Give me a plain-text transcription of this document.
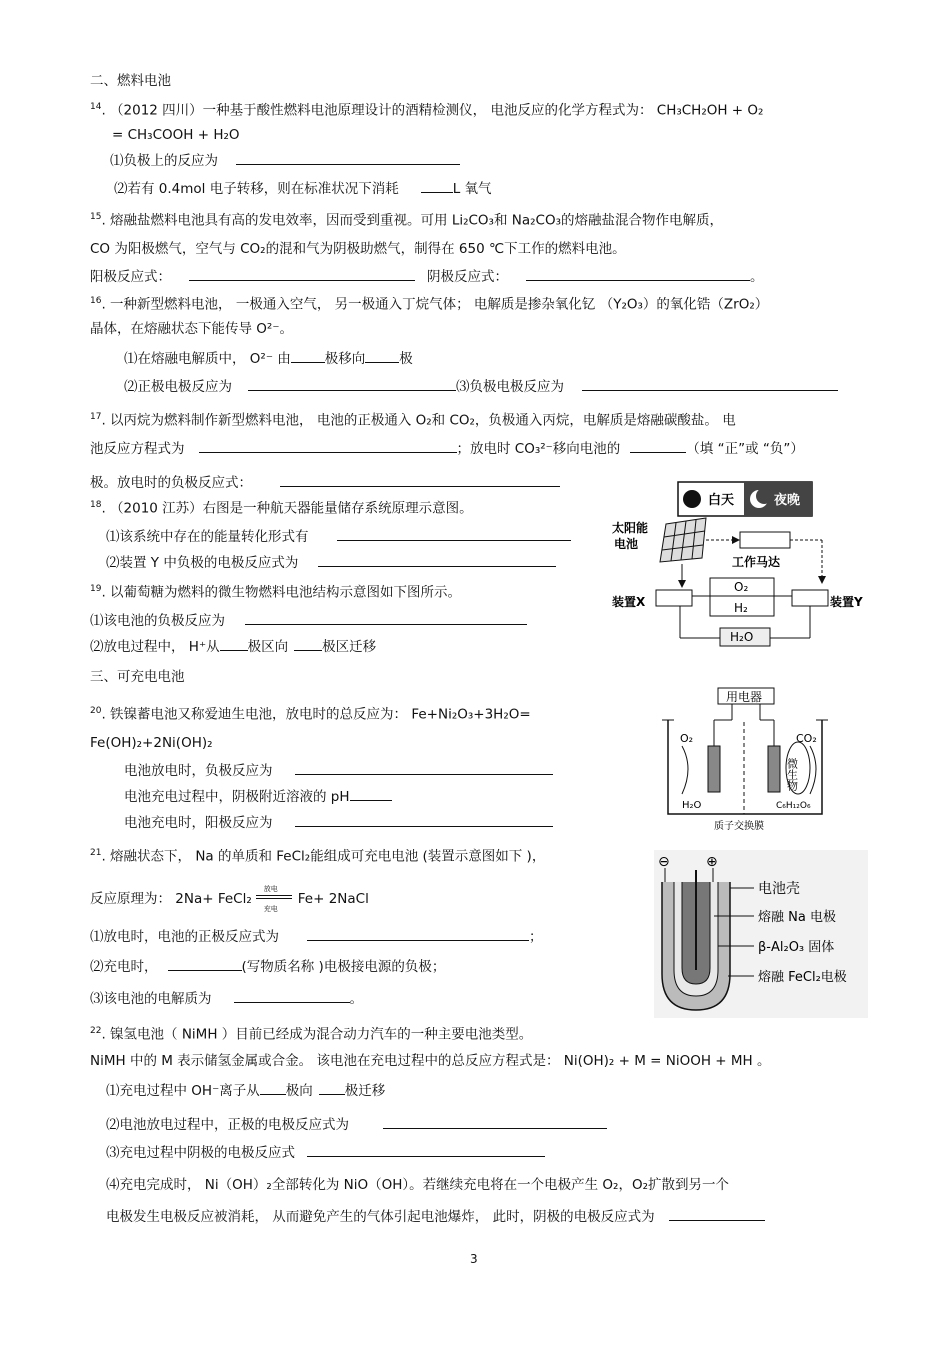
二、燃料电池
$^{14}$. （2012 四川）一种基于酸性燃料电池原理设计的酒精检测仪， 电池反应的化学方程式为： CH₃CH₂OH + O₂
= CH₃COOH + H₂O
⑴负极上的反应为
⑵若有 0.4mol 电子转移，则在标准状况下消耗	L 氧气
$^{15}$. 熔融盐燃料电池具有高的发电效率，因而受到重视。可用 Li₂CO₃和 Na₂CO₃的熔融盐混合物作电解质，
CO 为阳极燃气，空气与 CO₂的混和气为阴极助燃气，制得在 650 ℃下工作的燃料电池。
阳极反应式：	阴极反应式：	。
$^{16}$. 一种新型燃料电池， 一极通入空气， 另一极通入丁烷气体； 电解质是掺杂氧化钇 （Y₂O₃）的氧化锆（ZrO₂）
晶体，在熔融状态下能传导 O²⁻。
⑴在熔融电解质中， O²⁻ 由	极移向	极
⑵正极电极反应为	⑶负极电极反应为
$^{17}$. 以丙烷为燃料制作新型燃料电池， 电池的正极通入 O₂和 CO₂，负极通入丙烷，电解质是熔融碳酸盐。 电
池反应方程式为	；放电时 CO₃²⁻移向电池的	（填 “正”或 “负”）
极。放电时的负极反应式：
$^{18}$. （2010 江苏）右图是一种航天器能量储存系统原理示意图。
⑴该系统中存在的能量转化形式有
⑵装置 Y 中负极的电极反应式为
$^{19}$. 以葡萄糖为燃料的微生物燃料电池结构示意图如下图所示。
⑴该电池的负极反应为
⑵放电过程中， H⁺从 极区向	极区迁移
白天	夜晚
太阳能
电池
工作马达
装置X	装置Y
O₂
H₂
H₂O
三、可充电电池
$^{20}$. 铁镍蓄电池又称爱迪生电池，放电时的总反应为： Fe+Ni₂O₃+3H₂O=
Fe(OH)₂+2Ni(OH)₂
电池放电时，负极反应为
电池充电过程中，阴极附近溶液的 pH
电池充电时，阳极反应为
用电器
微生物
O₂	CO₂
H₂O	C₆H₁₂O₆
质子交换膜
$^{21}$. 熔融状态下， Na 的单质和 FeCl₂能组成可充电电池 (装置示意图如下 )，
反应原理为： 2Na+ FeCl₂
放电
充电
Fe+ 2NaCl
⑴放电时，电池的正极反应式为	；
⑵充电时，	(写物质名称 )电极接电源的负极；
⑶该电池的电解质为	。
⊖	⊕
电池壳
熔融 Na 电极
β-Al₂O₃ 固体
熔融 FeCl₂电极
$^{22}$. 镍氢电池（ NiMH ）目前已经成为混合动力汽车的一种主要电池类型。
NiMH 中的 M 表示储氢金属或合金。 该电池在充电过程中的总反应方程式是： Ni(OH)₂ + M = NiOOH + MH 。
⑴充电过程中 OH⁻离子从 极向 极迁移
⑵电池放电过程中，正极的电极反应式为
⑶充电过程中阴极的电极反应式
⑷充电完成时， Ni（OH）₂全部转化为 NiO（OH）。若继续充电将在一个电极产生 O₂，O₂扩散到另一个
电极发生电极反应被消耗， 从而避免产生的气体引起电池爆炸， 此时，阴极的电极反应式为
3
